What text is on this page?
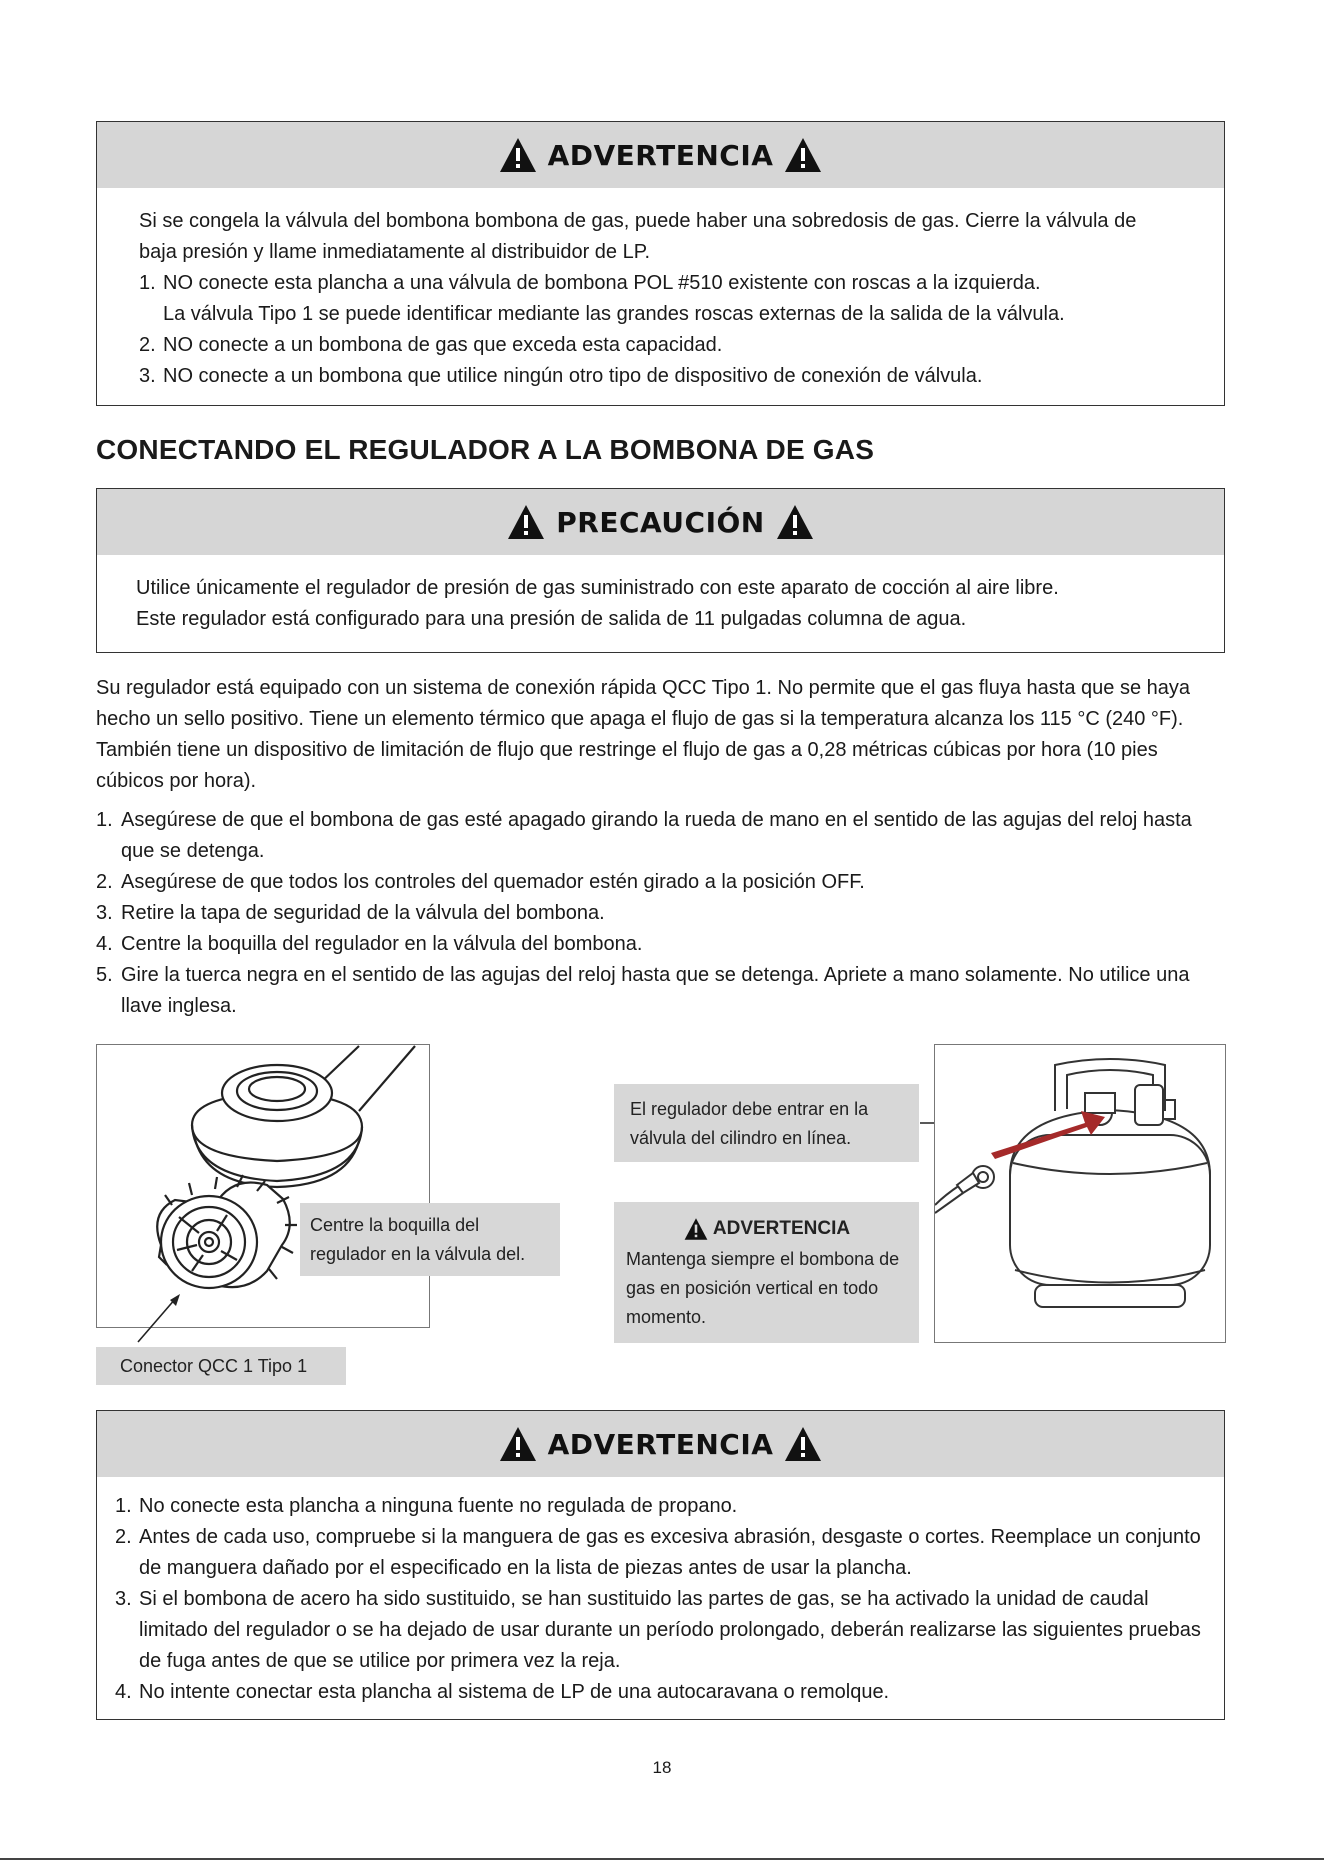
ADVERTENCIA

Si se congela la válvula del bombona bombona de gas, puede haber una sobredosis de gas. Cierre la válvula de baja presión y llame inmediatamente al distribuidor de LP.

1. NO conecte esta plancha a una válvula de bombona POL #510 existente con roscas a la izquierda.
La válvula Tipo 1 se puede identificar mediante las grandes roscas externas de la salida de la válvula.
2. NO conecte a un bombona de gas que exceda esta capacidad.
3. NO conecte a un bombona que utilice ningún otro tipo de dispositivo de conexión de válvula.
CONECTANDO EL REGULADOR A LA BOMBONA DE GAS
PRECAUCIÓN

Utilice únicamente el regulador de presión de gas suministrado con este aparato de cocción al aire libre.

Este regulador está configurado para una presión de salida de 11 pulgadas columna de agua.

Su regulador está equipado con un sistema de conexión rápida QCC Tipo 1. No permite que el gas fluya hasta que se haya hecho un sello positivo. Tiene un elemento térmico que apaga el flujo de gas si la temperatura alcanza los 115 °C (240 °F). También tiene un dispositivo de limitación de flujo que restringe el flujo de gas a 0,28 métricas cúbicas por hora (10 pies cúbicos por hora).

1. Asegúrese de que el bombona de gas esté apagado girando la rueda de mano en el sentido de las agujas del reloj hasta que se detenga.
2. Asegúrese de que todos los controles del quemador estén girado a la posición OFF.
3. Retire la tapa de seguridad de la válvula del bombona.
4. Centre la boquilla del regulador en la válvula del bombona.
5. Gire la tuerca negra en el sentido de las agujas del reloj hasta que se detenga. Apriete a mano solamente. No utilice una llave inglesa.
Centre la boquilla del regulador en la válvula del.
Conector QCC 1 Tipo 1
El regulador debe entrar en la válvula del cilindro en línea.
ADVERTENCIA
Mantenga siempre el bombona de gas en posición vertical en todo momento.
ADVERTENCIA
1. No conecte esta plancha a ninguna fuente no regulada de propano.
2. Antes de cada uso, compruebe si la manguera de gas es excesiva abrasión, desgaste o cortes. Reemplace un conjunto de manguera dañado por el especificado en la lista de piezas antes de usar la plancha.
3. Si el bombona de acero ha sido sustituido, se han sustituido las partes de gas, se ha activado la unidad de caudal limitado del regulador o se ha dejado de usar durante un período prolongado, deberán realizarse las siguientes pruebas de fuga antes de que se utilice por primera vez la reja.
4. No intente conectar esta plancha al sistema de LP de una autocaravana o remolque.
18
